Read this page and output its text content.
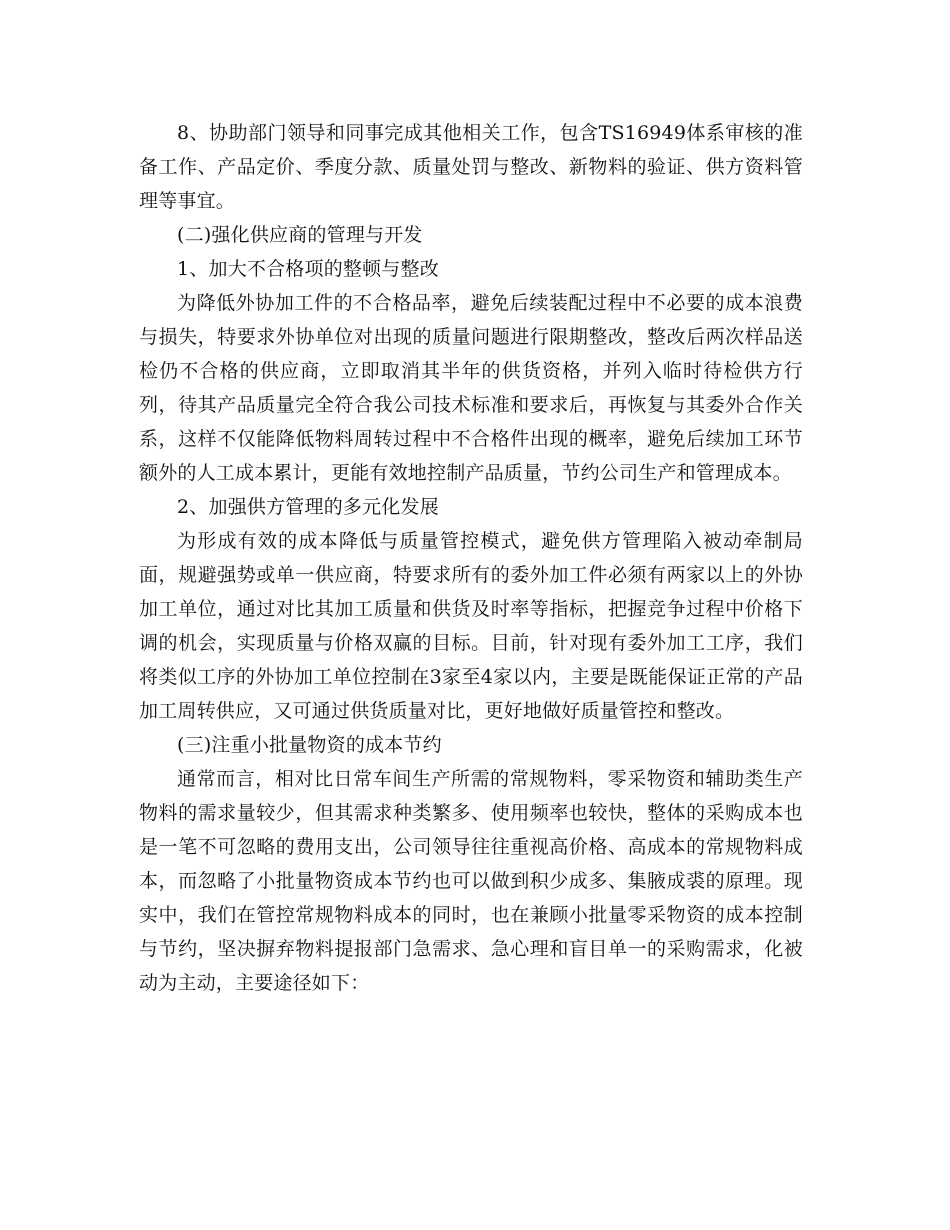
8、协助部门领导和同事完成其他相关工作，包含TS16949体系审核的准备工作、产品定价、季度分款、质量处罚与整改、新物料的验证、供方资料管理等事宜。

(二)强化供应商的管理与开发

1、加大不合格项的整顿与整改

为降低外协加工件的不合格品率，避免后续装配过程中不必要的成本浪费与损失，特要求外协单位对出现的质量问题进行限期整改，整改后两次样品送检仍不合格的供应商，立即取消其半年的供货资格，并列入临时待检供方行列，待其产品质量完全符合我公司技术标准和要求后，再恢复与其委外合作关系，这样不仅能降低物料周转过程中不合格件出现的概率，避免后续加工环节额外的人工成本累计，更能有效地控制产品质量，节约公司生产和管理成本。

2、加强供方管理的多元化发展

为形成有效的成本降低与质量管控模式，避免供方管理陷入被动牵制局面，规避强势或单一供应商，特要求所有的委外加工件必须有两家以上的外协加工单位，通过对比其加工质量和供货及时率等指标，把握竞争过程中价格下调的机会，实现质量与价格双赢的目标。目前，针对现有委外加工工序，我们将类似工序的外协加工单位控制在3家至4家以内，主要是既能保证正常的产品加工周转供应，又可通过供货质量对比，更好地做好质量管控和整改。

(三)注重小批量物资的成本节约

通常而言，相对比日常车间生产所需的常规物料，零采物资和辅助类生产物料的需求量较少，但其需求种类繁多、使用频率也较快，整体的采购成本也是一笔不可忽略的费用支出，公司领导往往重视高价格、高成本的常规物料成本，而忽略了小批量物资成本节约也可以做到积少成多、集腋成裘的原理。现实中，我们在管控常规物料成本的同时，也在兼顾小批量零采物资的成本控制与节约，坚决摒弃物料提报部门急需求、急心理和盲目单一的采购需求，化被动为主动，主要途径如下：
